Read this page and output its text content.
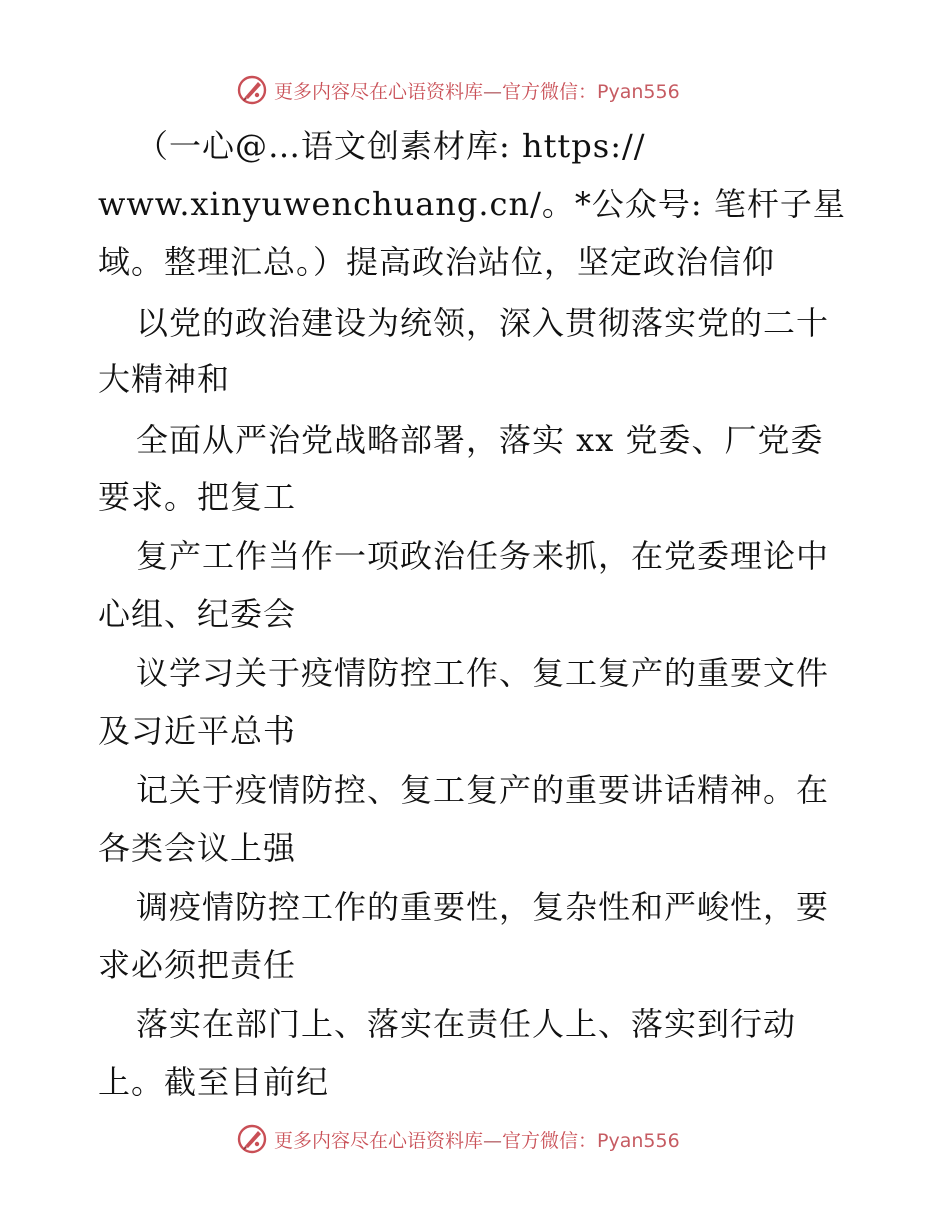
更多内容尽在心语资料库—官方微信：Pyan556
（一心@…语文创素材库: https://
www.xinyuwenchuang.cn/。*公众号: 笔杆子星
域。整理汇总。）提高政治站位，坚定政治信仰
以党的政治建设为统领，深入贯彻落实党的二十
大精神和
全面从严治党战略部署，落实 xx 党委、厂党委
要求。把复工
复产工作当作一项政治任务来抓，在党委理论中
心组、纪委会
议学习关于疫情防控工作、复工复产的重要文件
及习近平总书
记关于疫情防控、复工复产的重要讲话精神。在
各类会议上强
调疫情防控工作的重要性，复杂性和严峻性，要
求必须把责任
落实在部门上、落实在责任人上、落实到行动
上。截至目前纪
更多内容尽在心语资料库—官方微信：Pyan556
